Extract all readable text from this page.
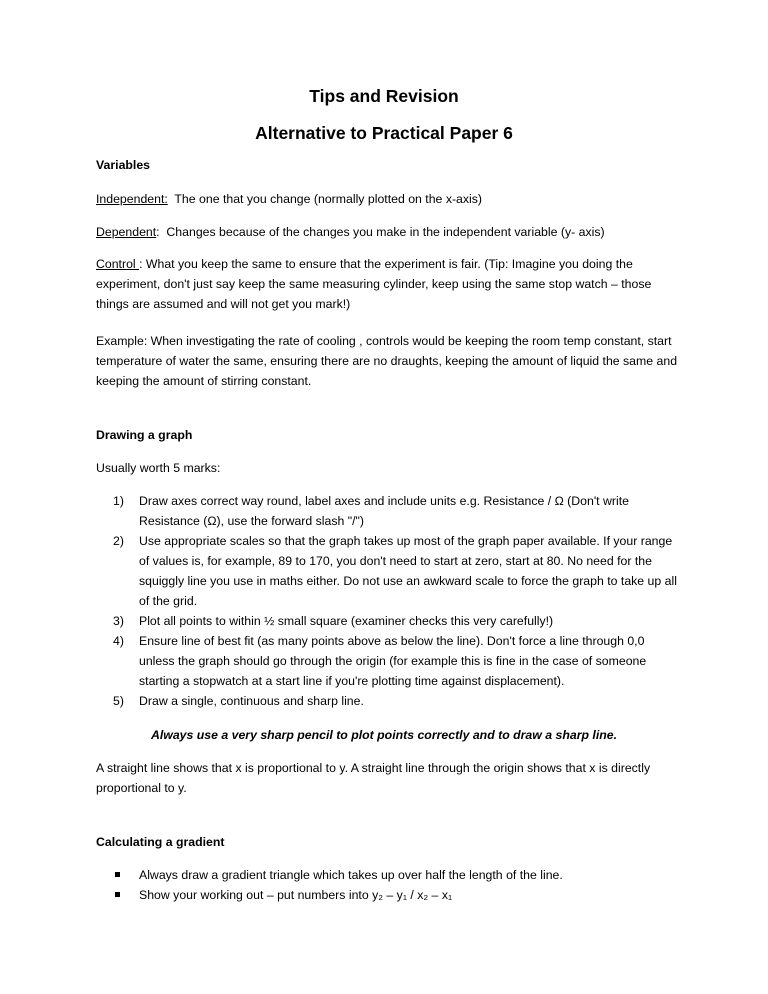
Tips and Revision
Alternative to Practical Paper 6

Variables

Independent:  The one that you change (normally plotted on the x-axis)

Dependent:  Changes because of the changes you make in the independent variable (y- axis)

Control : What you keep the same to ensure that the experiment is fair. (Tip: Imagine you doing the experiment, don't just say keep the same measuring cylinder, keep using the same stop watch – those things are assumed and will not get you mark!)

Example: When investigating the rate of cooling , controls would be keeping the room temp constant, start temperature of water the same, ensuring there are no draughts, keeping the amount of liquid the same and keeping the amount of stirring constant.

Drawing a graph

Usually worth 5 marks:

1) Draw axes correct way round, label axes and include units e.g. Resistance / Ω (Don't write Resistance (Ω), use the forward slash "/")
2) Use appropriate scales so that the graph takes up most of the graph paper available. If your range of values is, for example, 89 to 170, you don't need to start at zero, start at 80. No need for the squiggly line you use in maths either. Do not use an awkward scale to force the graph to take up all of the grid.
3) Plot all points to within ½ small square (examiner checks this very carefully!)
4) Ensure line of best fit (as many points above as below the line). Don't force a line through 0,0 unless the graph should go through the origin (for example this is fine in the case of someone starting a stopwatch at a start line if you're plotting time against displacement).
5) Draw a single, continuous and sharp line.

Always use a very sharp pencil to plot points correctly and to draw a sharp line.

A straight line shows that x is proportional to y. A straight line through the origin shows that x is directly proportional to y.

Calculating a gradient

Always draw a gradient triangle which takes up over half the length of the line.
Show your working out – put numbers into y₂ – y₁ / x₂ – x₁
